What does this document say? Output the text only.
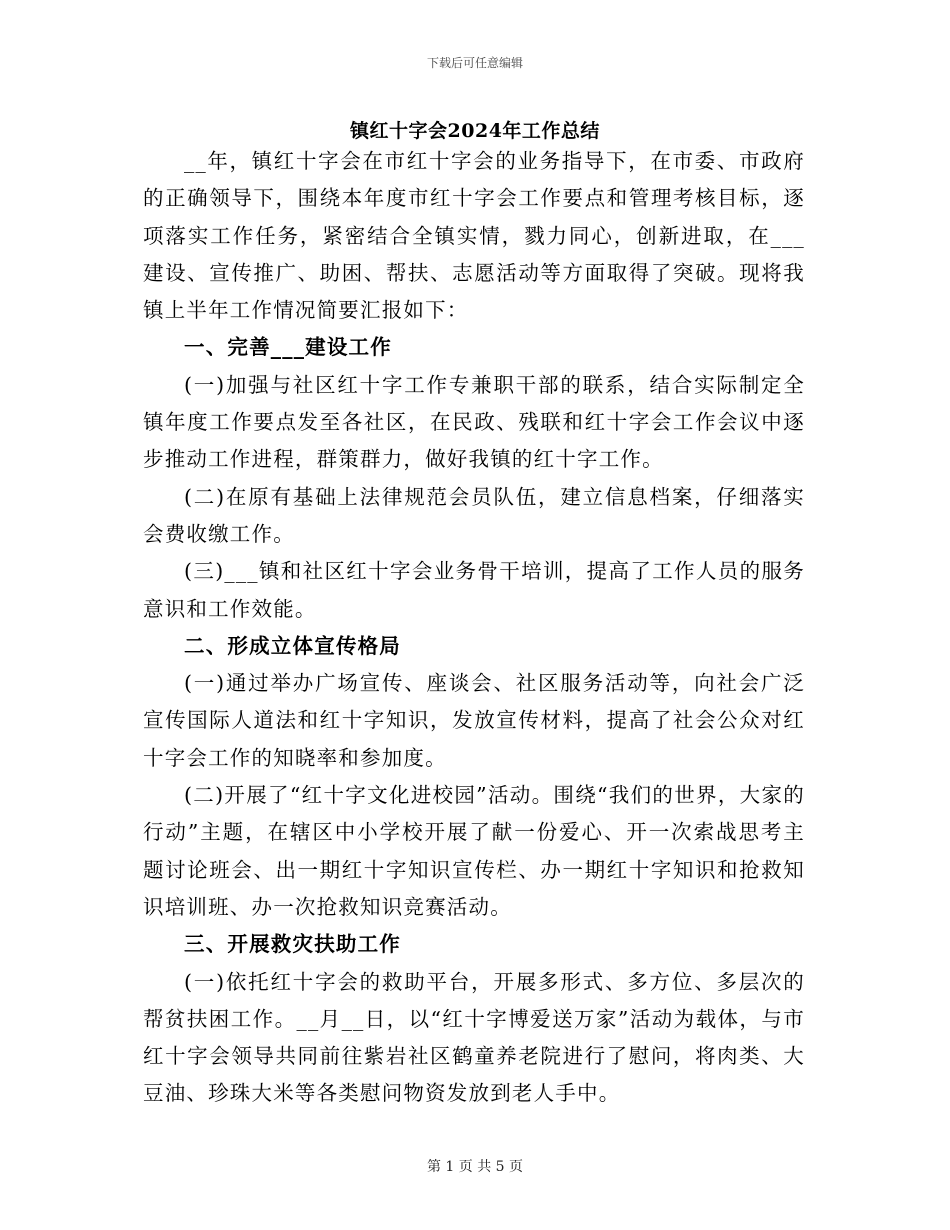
下载后可任意编辑
镇红十字会2024年工作总结

__年，镇红十字会在市红十字会的业务指导下，在市委、市政府的正确领导下，围绕本年度市红十字会工作要点和管理考核目标，逐项落实工作任务，紧密结合全镇实情，戮力同心，创新进取，在___建设、宣传推广、助困、帮扶、志愿活动等方面取得了突破。现将我镇上半年工作情况简要汇报如下：

一、完善___建设工作

(一)加强与社区红十字工作专兼职干部的联系，结合实际制定全镇年度工作要点发至各社区，在民政、残联和红十字会工作会议中逐步推动工作进程，群策群力，做好我镇的红十字工作。

(二)在原有基础上法律规范会员队伍，建立信息档案，仔细落实会费收缴工作。

(三)___镇和社区红十字会业务骨干培训，提高了工作人员的服务意识和工作效能。

二、形成立体宣传格局

(一)通过举办广场宣传、座谈会、社区服务活动等，向社会广泛宣传国际人道法和红十字知识，发放宣传材料，提高了社会公众对红十字会工作的知晓率和参加度。

(二)开展了“红十字文化进校园”活动。围绕“我们的世界，大家的行动”主题，在辖区中小学校开展了献一份爱心、开一次索战思考主题讨论班会、出一期红十字知识宣传栏、办一期红十字知识和抢救知识培训班、办一次抢救知识竞赛活动。

三、开展救灾扶助工作

(一)依托红十字会的救助平台，开展多形式、多方位、多层次的帮贫扶困工作。__月__日，以“红十字博爱送万家”活动为载体，与市红十字会领导共同前往紫岩社区鹤童养老院进行了慰问，将肉类、大豆油、珍珠大米等各类慰问物资发放到老人手中。

第 1 页 共 5 页
